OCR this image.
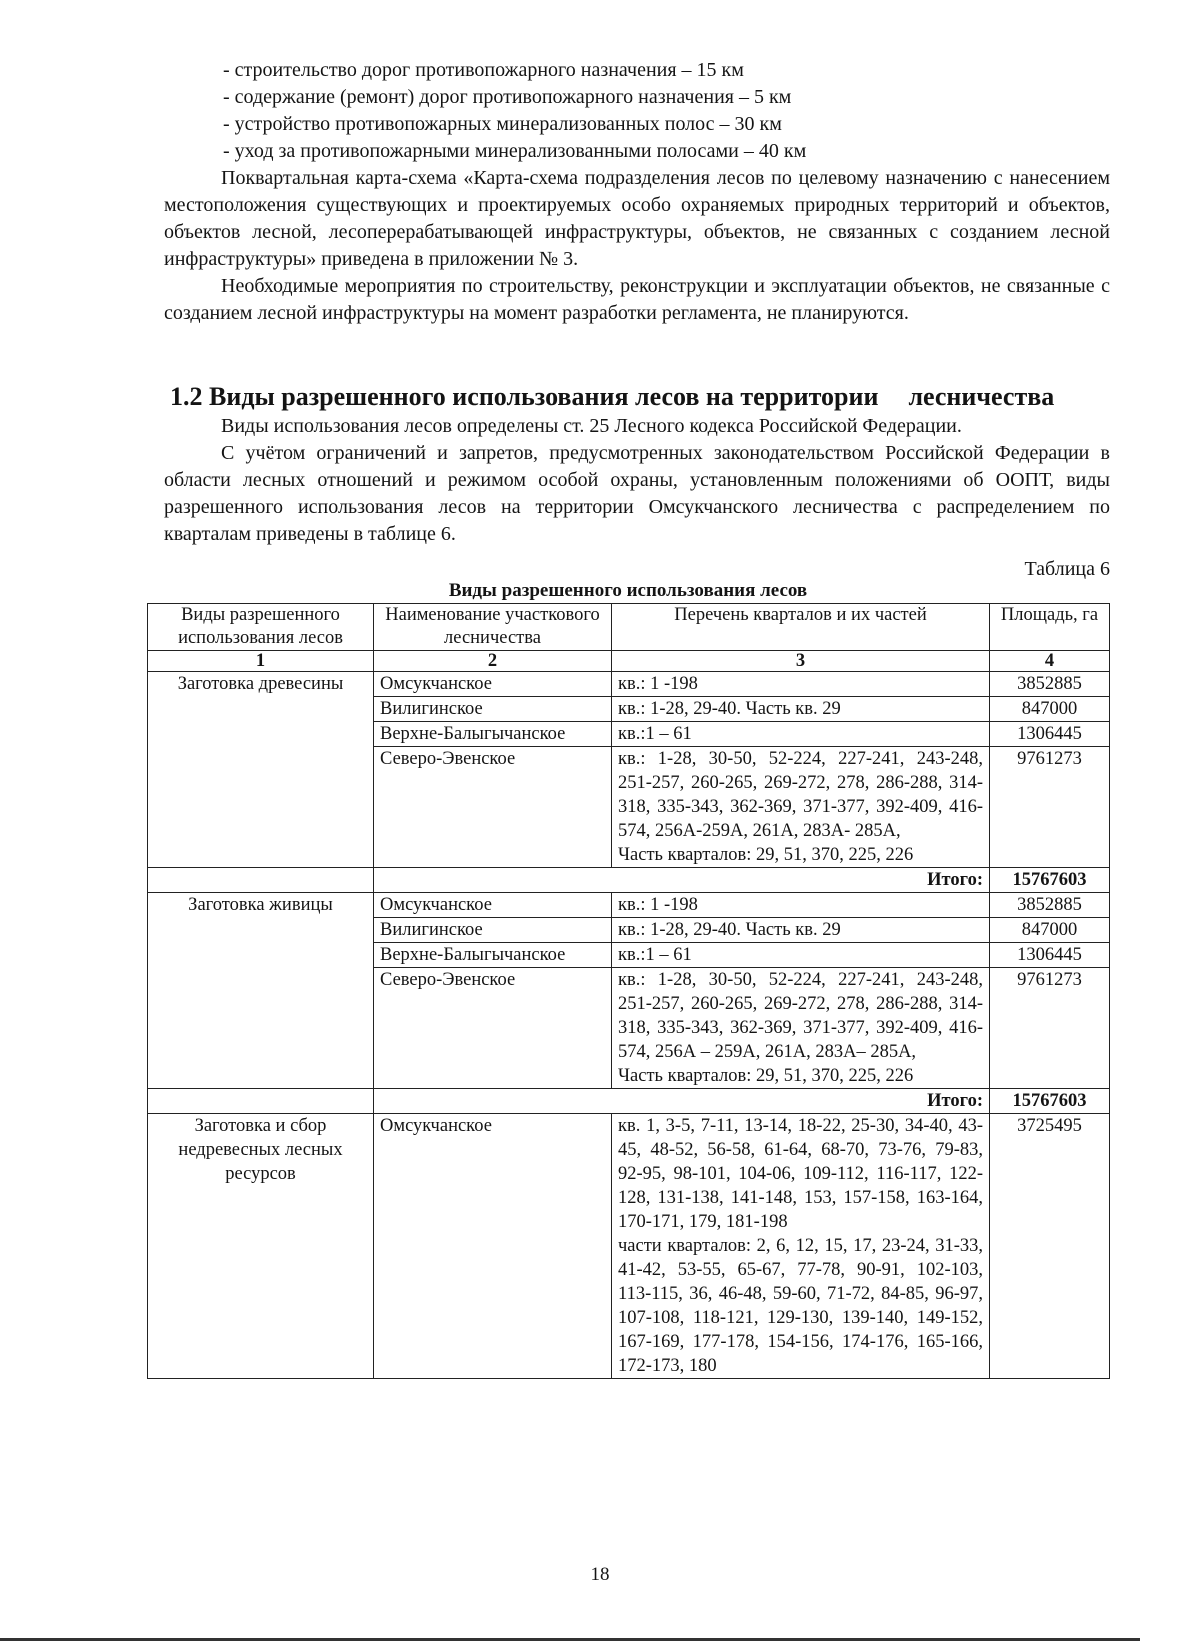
- строительство дорог противопожарного назначения – 15 км
- содержание (ремонт) дорог противопожарного назначения – 5 км
- устройство противопожарных минерализованных полос – 30 км
- уход за противопожарными минерализованными полосами – 40 км
Поквартальная карта-схема «Карта-схема подразделения лесов по целевому назначению с нанесением местоположения существующих и проектируемых особо охраняемых природных территорий и объектов, объектов лесной, лесоперерабатывающей инфраструктуры, объектов, не связанных с созданием лесной инфраструктуры» приведена в приложении № 3.
Необходимые мероприятия по строительству, реконструкции и эксплуатации объектов, не связанные с созданием лесной инфраструктуры на момент разработки регламента, не планируются.
1.2 Виды разрешенного использования лесов на территории лесничества
Виды использования лесов определены ст. 25 Лесного кодекса Российской Федерации.
С учётом ограничений и запретов, предусмотренных законодательством Российской Федерации в области лесных отношений и режимом особой охраны, установленным положениями об ООПТ, виды разрешенного использования лесов на территории Омсукчанского лесничества с распределением по кварталам приведены в таблице 6.
Таблица 6
Виды разрешенного использования лесов
Виды разрешенного использования лесов	Наименование участкового лесничества	Перечень кварталов и их частей	Площадь, га
1	2	3	4
Заготовка древесины	Омсукчанское	кв.: 1 -198	3852885
	Вилигинское	кв.: 1-28, 29-40. Часть кв. 29	847000
	Верхне-Балыгычанское	кв.:1 – 61	1306445
	Северо-Эвенское	кв.: 1-28, 30-50, 52-224, 227-241, 243-248, 251-257, 260-265, 269-272, 278, 286-288, 314-318, 335-343, 362-369, 371-377, 392-409, 416-574, 256А-259А, 261А, 283А- 285А,
Часть кварталов: 29, 51, 370, 225, 226	9761273
	Итого:		15767603
Заготовка живицы	Омсукчанское	кв.: 1 -198	3852885
	Вилигинское	кв.: 1-28, 29-40. Часть кв. 29	847000
	Верхне-Балыгычанское	кв.:1 – 61	1306445
	Северо-Эвенское	кв.: 1-28, 30-50, 52-224, 227-241, 243-248, 251-257, 260-265, 269-272, 278, 286-288, 314-318, 335-343, 362-369, 371-377, 392-409, 416-574, 256А – 259А, 261А, 283А– 285А,
Часть кварталов: 29, 51, 370, 225, 226	9761273
	Итого:		15767603
Заготовка и сбор недревесных лесных ресурсов	Омсукчанское	кв. 1, 3-5, 7-11, 13-14, 18-22, 25-30, 34-40, 43-45, 48-52, 56-58, 61-64, 68-70, 73-76, 79-83, 92-95, 98-101, 104-06, 109-112, 116-117, 122-128, 131-138, 141-148, 153, 157-158, 163-164, 170-171, 179, 181-198
части кварталов: 2, 6, 12, 15, 17, 23-24, 31-33, 41-42, 53-55, 65-67, 77-78, 90-91, 102-103, 113-115, 36, 46-48, 59-60, 71-72, 84-85, 96-97, 107-108, 118-121, 129-130, 139-140, 149-152, 167-169, 177-178, 154-156, 174-176, 165-166, 172-173, 180	3725495
18
